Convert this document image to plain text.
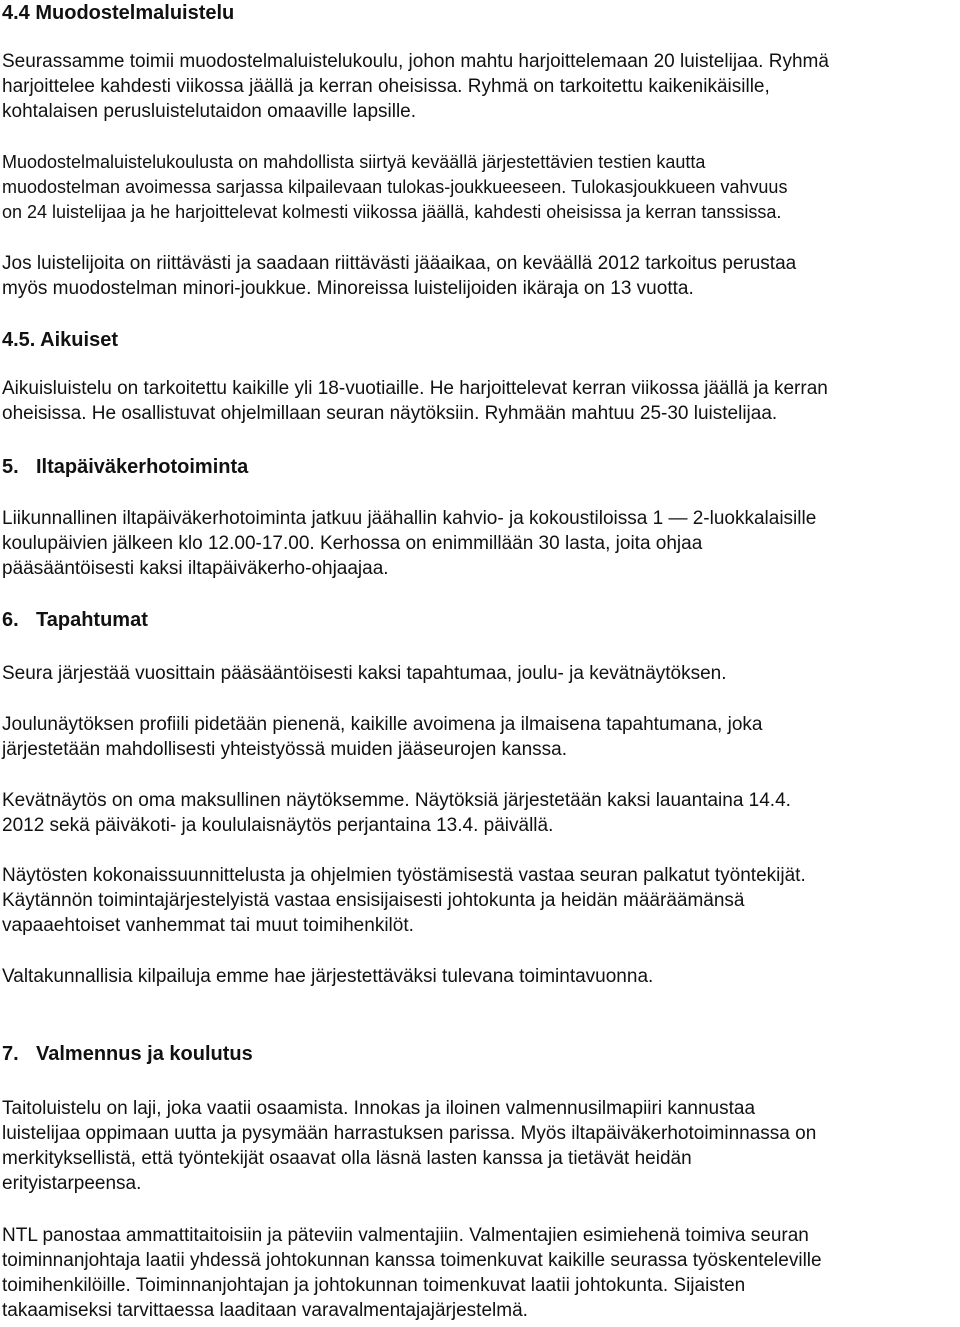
4.4 Muodostelmaluistelu
Seurassamme toimii muodostelmaluistelukoulu, johon mahtu harjoittelemaan 20 luistelijaa. Ryhmä
harjoittelee kahdesti viikossa jäällä ja kerran oheisissa. Ryhmä on tarkoitettu kaikenikäisille,
kohtalaisen perusluistelutaidon omaaville lapsille.
Muodostelmaluistelukoulusta on mahdollista siirtyä keväällä järjestettävien testien kautta
muodostelman avoimessa sarjassa kilpailevaan tulokas-joukkueeseen. Tulokasjoukkueen vahvuus
on 24 luistelijaa ja he harjoittelevat kolmesti viikossa jäällä, kahdesti oheisissa ja kerran tanssissa.
Jos luistelijoita on riittävästi ja saadaan riittävästi jääaikaa, on keväällä 2012 tarkoitus perustaa
myös muodostelman minori-joukkue. Minoreissa luistelijoiden ikäraja on 13 vuotta.
4.5. Aikuiset
Aikuisluistelu on tarkoitettu kaikille yli 18-vuotiaille. He harjoittelevat kerran viikossa jäällä ja kerran
oheisissa. He osallistuvat ohjelmillaan seuran näytöksiin. Ryhmään mahtuu 25-30 luistelijaa.
5. Iltapäiväkerhotoiminta
Liikunnallinen iltapäiväkerhotoiminta jatkuu jäähallin kahvio- ja kokoustiloissa 1 — 2-luokkalaisille
koulupäivien jälkeen klo 12.00-17.00. Kerhossa on enimmillään 30 lasta, joita ohjaa
pääsääntöisesti kaksi iltapäiväkerho-ohjaajaa.
6. Tapahtumat
Seura järjestää vuosittain pääsääntöisesti kaksi tapahtumaa, joulu- ja kevätnäytöksen.
Joulunäytöksen profiili pidetään pienenä, kaikille avoimena ja ilmaisena tapahtumana, joka
järjestetään mahdollisesti yhteistyössä muiden jääseurojen kanssa.
Kevätnäytös on oma maksullinen näytöksemme. Näytöksiä järjestetään kaksi lauantaina 14.4.
2012 sekä päiväkoti- ja koululaisnäytös perjantaina 13.4. päivällä.
Näytösten kokonaissuunnittelusta ja ohjelmien työstämisestä vastaa seuran palkatut työntekijät.
Käytännön toimintajärjestelyistä vastaa ensisijaisesti johtokunta ja heidän määräämänsä
vapaaehtoiset vanhemmat tai muut toimihenkilöt.
Valtakunnallisia kilpailuja emme hae järjestettäväksi tulevana toimintavuonna.
7. Valmennus ja koulutus
Taitoluistelu on laji, joka vaatii osaamista. Innokas ja iloinen valmennusilmapiiri kannustaa
luistelijaa oppimaan uutta ja pysymään harrastuksen parissa. Myös iltapäiväkerhotoiminnassa on
merkityksellistä, että työntekijät osaavat olla läsnä lasten kanssa ja tietävät heidän
erityistarpeensa.
NTL panostaa ammattitaitoisiin ja päteviin valmentajiin. Valmentajien esimiehenä toimiva seuran
toiminnanjohtaja laatii yhdessä johtokunnan kanssa toimenkuvat kaikille seurassa työskenteleville
toimihenkilöille. Toiminnanjohtajan ja johtokunnan toimenkuvat laatii johtokunta. Sijaisten
takaamiseksi tarvittaessa laaditaan varavalmentajajärjestelmä.
